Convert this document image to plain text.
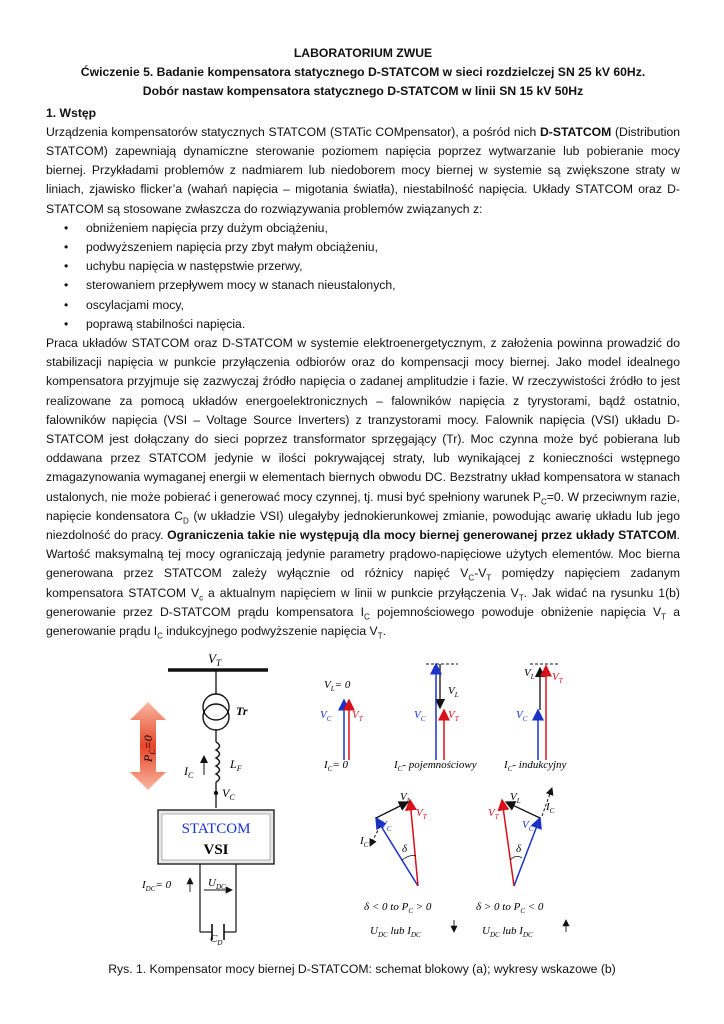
LABORATORIUM ZWUE
Ćwiczenie 5. Badanie kompensatora statycznego D-STATCOM w sieci rozdzielczej SN 25 kV 60Hz.
Dobór nastaw kompensatora statycznego D-STATCOM w linii SN 15 kV 50Hz
1. Wstęp
Urządzenia kompensatorów statycznych STATCOM (STATic COMpensator), a pośród nich D-STATCOM (Distribution STATCOM) zapewniają dynamiczne sterowanie poziomem napięcia poprzez wytwarzanie lub pobieranie mocy biernej. Przykładami problemów z nadmiarem lub niedoborem mocy biernej w systemie są zwiększone straty w liniach, zjawisko flicker’a (wahań napięcia – migotania światła), niestabilność napięcia. Układy STATCOM oraz D-STATCOM są stosowane zwłaszcza do rozwiązywania problemów związanych z:
• obniżeniem napięcia przy dużym obciążeniu,
• podwyższeniem napięcia przy zbyt małym obciążeniu,
• uchybu napięcia w następstwie przerwy,
• sterowaniem przepływem mocy w stanach nieustalonych,
• oscylacjami mocy,
• poprawą stabilności napięcia.
Praca układów STATCOM oraz D-STATCOM w systemie elektroenergetycznym, z założenia powinna prowadzić do stabilizacji napięcia w punkcie przyłączenia odbiorów oraz do kompensacji mocy biernej. Jako model idealnego kompensatora przyjmuje się zazwyczaj źródło napięcia o zadanej amplitudzie i fazie. W rzeczywistości źródło to jest realizowane za pomocą układów energoelektronicznych – falowników napięcia z tyrystorami, bądź ostatnio, falowników napięcia (VSI – Voltage Source Inverters) z tranzystorami mocy. Falownik napięcia (VSI) układu D-STATCOM jest dołączany do sieci poprzez transformator sprzęgający (Tr). Moc czynna może być pobierana lub oddawana przez STATCOM jedynie w ilości pokrywającej straty, lub wynikającej z konieczności wstępnego zmagazynowania wymaganej energii w elementach biernych obwodu DC. Bezstratny układ kompensatora w stanach ustalonych, nie może pobierać i generować mocy czynnej, tj. musi być spełniony warunek $P_C=0$. W przeciwnym razie, napięcie kondensatora $C_D$ (w układzie VSI) ulegałyby jednokierunkowej zmianie, powodując awarię układu lub jego niezdolność do pracy. Ograniczenia takie nie występują dla mocy biernej generowanej przez układy STATCOM. Wartość maksymalną tej mocy ograniczają jedynie parametry prądowo-napięciowe użytych elementów. Moc bierna generowana przez STATCOM zależy wyłącznie od różnicy napięć $V_C-V_T$ pomiędzy napięciem zadanym kompensatora STATCOM $V_c$ a aktualnym napięciem w linii w punkcie przyłączenia $V_T$. Jak widać na rysunku 1(b) generowanie przez D-STATCOM prądu kompensatora $I_C$ pojemnościowego powoduje obniżenie napięcia $V_T$ a generowanie prądu $I_C$ indukcyjnego podwyższenie napięcia $V_T$.
$V_T$
Tr
$L_F$
$I_C$
$V_C$
$P_C=0$
STATCOM
VSI
$U_{DC}$
$I_{DC}= 0$
$C_D$
$V_L= 0$
$V_C$ $V_T$
$I_C= 0$
$V_L$
$V_C$ $V_T$
$I_C-$ pojemnościowy
$V_L$
$V_C$
$V_T$
$I_C-$ indukcyjny
δ
$V_L$
$V_T$
$V_C$
$I_C$
δ < 0 to $P_C > 0$
$U_{DC}$ lub $I_{DC}$
δ
$V_L$
$V_T$
$V_C$
$I_C$
δ > 0 to $P_C < 0$
$U_{DC}$ lub $I_{DC}$
Rys. 1. Kompensator mocy biernej D-STATCOM: schemat blokowy (a); wykresy wskazowe (b)
